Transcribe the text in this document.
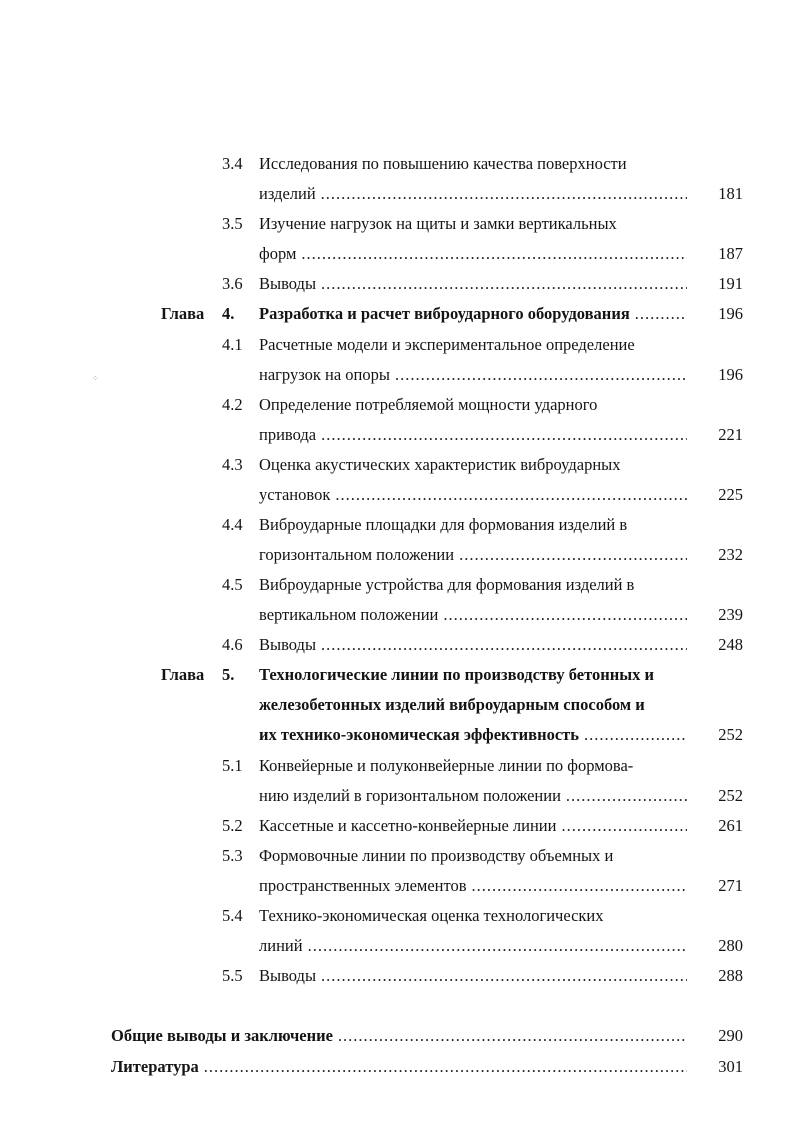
⁘
3.4 Исследования по повышению качества поверхности
изделий .....	181
3.5 Изучение нагрузок на щиты и замки вертикальных
форм .....	187
3.6 Выводы .....	191
Глава 4. Разработка и расчет виброударного оборудования .....	196
4.1 Расчетные модели и экспериментальное определение
нагрузок на опоры .....	196
4.2 Определение потребляемой мощности ударного
привода .....	221
4.3 Оценка акустических характеристик виброударных
установок .....	225
4.4 Виброударные площадки для формования изделий в
горизонтальном положении .....	232
4.5 Виброударные устройства для формования изделий в
вертикальном положении .....	239
4.6 Выводы .....	248
Глава 5. Технологические линии по производству бетонных и
железобетонных изделий виброударным способом и
их технико-экономическая эффективность .....	252
5.1 Конвейерные и полуконвейерные линии по формова-
нию изделий в горизонтальном положении .....	252
5.2 Кассетные и кассетно-конвейерные линии .....	261
5.3 Формовочные линии по производству объемных и
пространственных элементов .....	271
5.4 Технико-экономическая оценка технологических
линий .....	280
5.5 Выводы .....	288
Общие выводы и заключение .....	290
Литература .....	301
